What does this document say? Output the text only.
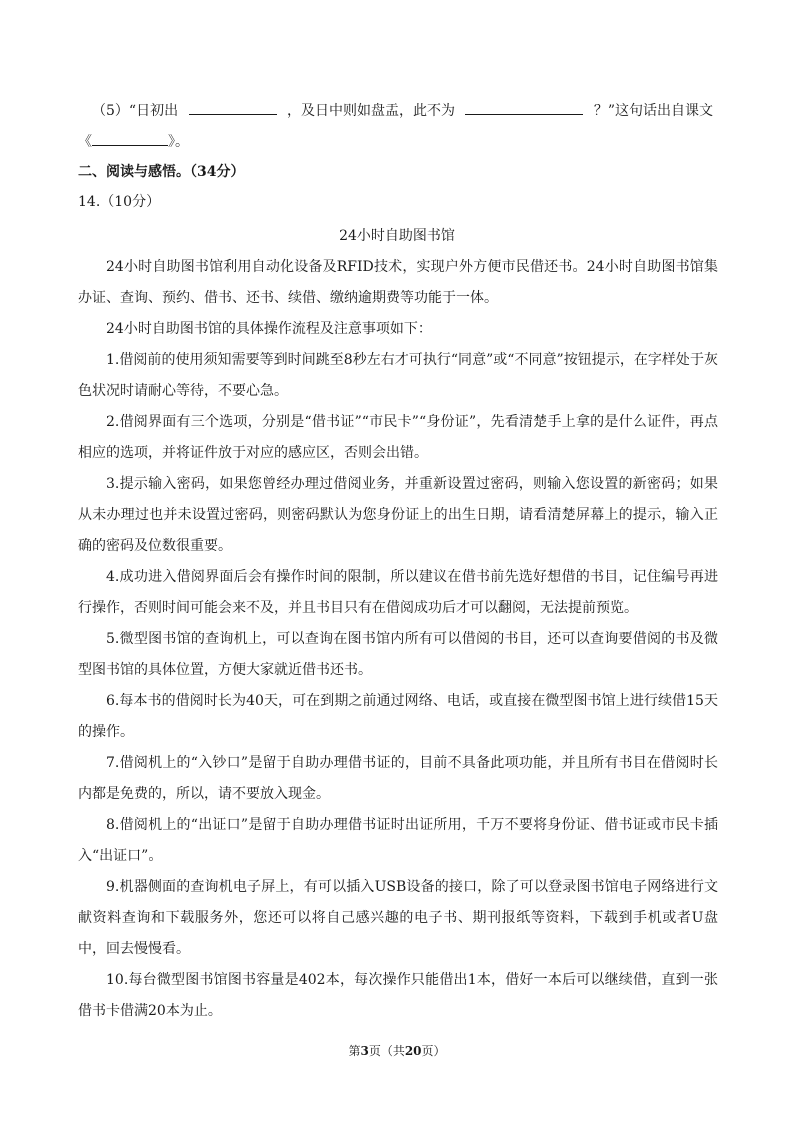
（5）“日初出	，及日中则如盘盂，此不为	？”这句话出自课文
《	》。
二、阅读与感悟。（34分）
14.（10分）
24小时自助图书馆
24小时自助图书馆利用自动化设备及RFID技术，实现户外方便市民借还书。24小时自助图书馆集办证、查询、预约、借书、还书、续借、缴纳逾期费等功能于一体。
24小时自助图书馆的具体操作流程及注意事项如下：
1.借阅前的使用须知需要等到时间跳至8秒左右才可执行“同意”或“不同意”按钮提示，在字样处于灰色状况时请耐心等待，不要心急。
2.借阅界面有三个选项，分别是“借书证”“市民卡”“身份证”，先看清楚手上拿的是什么证件，再点相应的选项，并将证件放于对应的感应区，否则会出错。
3.提示输入密码，如果您曾经办理过借阅业务，并重新设置过密码，则输入您设置的新密码；如果从未办理过也并未设置过密码，则密码默认为您身份证上的出生日期，请看清楚屏幕上的提示，输入正确的密码及位数很重要。
4.成功进入借阅界面后会有操作时间的限制，所以建议在借书前先选好想借的书目，记住编号再进行操作，否则时间可能会来不及，并且书目只有在借阅成功后才可以翻阅，无法提前预览。
5.微型图书馆的查询机上，可以查询在图书馆内所有可以借阅的书目，还可以查询要借阅的书及微型图书馆的具体位置，方便大家就近借书还书。
6.每本书的借阅时长为40天，可在到期之前通过网络、电话，或直接在微型图书馆上进行续借15天的操作。
7.借阅机上的“入钞口”是留于自助办理借书证的，目前不具备此项功能，并且所有书目在借阅时长内都是免费的，所以，请不要放入现金。
8.借阅机上的“出证口”是留于自助办理借书证时出证所用，千万不要将身份证、借书证或市民卡插入“出证口”。
9.机器侧面的查询机电子屏上，有可以插入USB设备的接口，除了可以登录图书馆电子网络进行文献资料查询和下载服务外，您还可以将自己感兴趣的电子书、期刊报纸等资料，下载到手机或者U盘中，回去慢慢看。
10.每台微型图书馆图书容量是402本，每次操作只能借出1本，借好一本后可以继续借，直到一张借书卡借满20本为止。
第3页（共20页）
